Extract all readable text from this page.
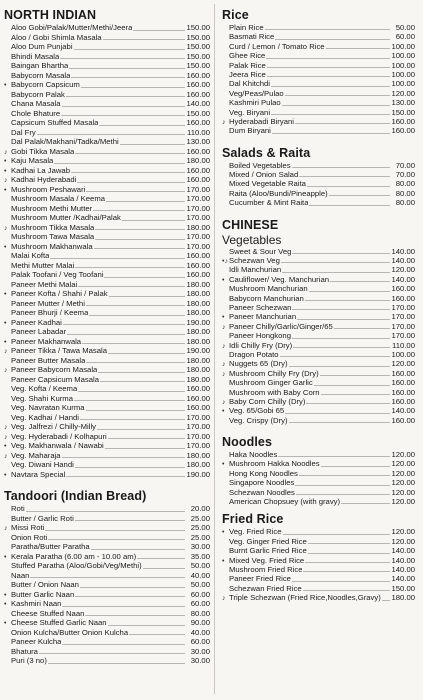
NORTH INDIAN
Aloo Gobi/Palak/Mutter/Methi/Jeera	150.00
Aloo / Gobi Shimla Masala	150.00
Aloo Dum Punjabi	150.00
Bhindi Masala	150.00
Baingan Bhartha	150.00
Babycorn Masala	160.00
• Babycorn Capsicum	160.00
Babycorn Palak	160.00
Chana Masala	140.00
Chole Bhature	150.00
Capsicum Stuffed Masala	160.00
Dal Fry	110.00
Dal Palak/Makhani/Tadka/Methi	130.00
♪ Gobi Tikka Masala	160.00
• Kaju Masala	180.00
• Kadhai La Jawab	160.00
♪ Kadhai Hyderabadi	160.00
• Mushroom Peshawari	170.00
Mushroom Masala / Keema	170.00
Mushroom Methi Mutter	170.00
Mushroom Mutter /Kadhai/Palak	170.00
♪ Mushroom Tikka Masala	180.00
Mushroom Tawa Masala	170.00
• Mushroom Makhanwala	170.00
Malai Kofta	160.00
Methi Mutter Malai	160.00
Palak Toofani / Veg Toofani	160.00
Paneer Methi Malai	180.00
• Paneer Kofta / Shahi / Palak	180.00
Paneer Mutter / Methi	180.00
Paneer Bhurji / Keema	180.00
• Paneer Kadhai	190.00
Paneer Labadar	180.00
• Paneer Makhanwala	180.00
♪ Paneer Tikka / Tawa Masala	190.00
Paneer Butter Masala	180.00
♪ Paneer Babycorn Masala	180.00
Paneer Capsicum Masala	180.00
Veg. Kofta / Keema	160.00
Veg. Shahi Kurma	160.00
Veg. Navratan Kurma	160.00
Veg. Kadhai / Handi	170.00
♪ Veg. Jalfrezi / Chilly-Milly	170.00
♪ Veg. Hyderabadi / Kolhapuri	170.00
• Veg. Makhanwala / Nawabi	170.00
♪ Veg. Maharaja	180.00
Veg. Diwani Handi	180.00
• Navtara Special	190.00
Tandoori (Indian Bread)
Roti	20.00
Butter / Garlic Roti	25.00
♪ Missi Roti	25.00
Onion Roti	25.00
Paratha/Butter Paratha	30.00
• Kerala Paratha (6.00 am - 10.00 am)	35.00
Stuffed Paratha (Aloo/Gobi/Veg/Methi)	50.00
Naan	40.00
Butter / Onion Naan	50.00
• Butter Garlic Naan	60.00
• Kashmiri Naan	60.00
Cheese Stuffed Naan	80.00
• Cheese Stuffed Garlic Naan	90.00
Onion Kulcha/Butter Onion Kulcha	40.00
Paneer Kulcha	60.00
Bhatura	30.00
Puri (3 no)	30.00
Rice
Plain Rice	50.00
Basmati Rice	60.00
Curd / Lemon / Tomato Rice	100.00
Ghee Rice	100.00
Palak Rice	100.00
Jeera Rice	100.00
Dal Khitchdi	100.00
Veg/Peas/Pulao	120.00
Kashmiri Pulao	130.00
Veg. Biryani	150.00
♪ Hyderabadi Biryani	160.00
Dum Biryani	160.00
Salads & Raita
Boiled Vegetables	70.00
Mixed / Onion Salad	70.00
Mixed Vegetable Raita	80.00
Raita (Aloo/Bundi/Pineapple)	80.00
Cucumber & Mint Raita	80.00
CHINESE
Vegetables
Sweet & Sour Veg	140.00
•♪ Schezwan Veg	140.00
Idli Manchurian	120.00
• Cauliflower/ Veg. Manchurian	140.00
Mushroom Manchurian	160.00
Babycorn Manchurian	160.00
Paneer Schezwan	170.00
• Paneer Manchurian	170.00
♪ Paneer Chilly/Garlic/Ginger/65	170.00
Paneer Hongkong	170.00
♪ Idli Chilly Fry (Dry)	110.00
Dragon Potato	100.00
♪ Nuggets 65 (Dry)	120.00
♪ Mushroom Chilly Fry (Dry)	160.00
Mushroom Ginger Garlic	160.00
Mushroom with Baby Corn	160.00
♪ Baby Corn Chilly (Dry)	160.00
• Veg. 65/Gobi 65	140.00
Veg. Crispy (Dry)	160.00
Noodles
Haka Noodles	120.00
• Mushroom Hakka Noodles	120.00
Hong Kong Noodles	120.00
Singapore Noodles	120.00
Schezwan Noodles	120.00
American Chopsuey (with gravy)	120.00
Fried Rice
• Veg. Fried Rice	120.00
Veg. Ginger Fried Rice	120.00
Burnt Garlic Fried Rice	140.00
• Mixed Veg. Fried Rice	140.00
Mushroom Fried Rice	140.00
Paneer Fried Rice	140.00
Schezwan Fried Rice	150.00
♪ Triple Schezwan (Fried Rice,Noodles,Gravy) 180.00
